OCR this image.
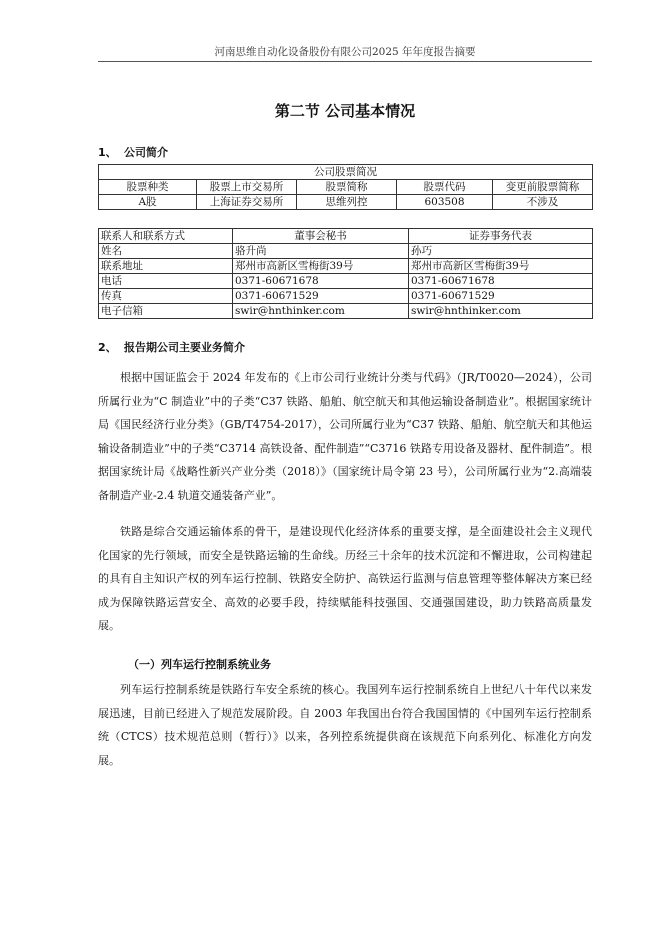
河南思维自动化设备股份有限公司2025 年年度报告摘要
第二节 公司基本情况
1、 公司简介
公司股票简况				
股票种类	股票上市交易所	股票简称	股票代码	变更前股票简称
A股	上海证券交易所	思维列控	603508	不涉及
联系人和联系方式	董事会秘书	证券事务代表
姓名	骆升尚	孙巧
联系地址	郑州市高新区雪梅街39号	郑州市高新区雪梅街39号
电话	0371-60671678	0371-60671678
传真	0371-60671529	0371-60671529
电子信箱	swir@hnthinker.com	swir@hnthinker.com
2、 报告期公司主要业务简介

根据中国证监会于 2024 年发布的《上市公司行业统计分类与代码》（JR/T0020—2024），公司所属行业为“C 制造业”中的子类“C37 铁路、船舶、航空航天和其他运输设备制造业”。根据国家统计局《国民经济行业分类》（GB/T4754-2017），公司所属行业为“C37 铁路、船舶、航空航天和其他运输设备制造业”中的子类“C3714 高铁设备、配件制造”“C3716 铁路专用设备及器材、配件制造”。根据国家统计局《战略性新兴产业分类（2018）》（国家统计局令第 23 号），公司所属行业为“2.高端装备制造产业-2.4 轨道交通装备产业”。

铁路是综合交通运输体系的骨干，是建设现代化经济体系的重要支撑，是全面建设社会主义现代化国家的先行领域，而安全是铁路运输的生命线。历经三十余年的技术沉淀和不懈进取，公司构建起的具有自主知识产权的列车运行控制、铁路安全防护、高铁运行监测与信息管理等整体解决方案已经成为保障铁路运营安全、高效的必要手段，持续赋能科技强国、交通强国建设，助力铁路高质量发展。

（一）列车运行控制系统业务

列车运行控制系统是铁路行车安全系统的核心。我国列车运行控制系统自上世纪八十年代以来发展迅速，目前已经进入了规范发展阶段。自 2003 年我国出台符合我国国情的《中国列车运行控制系统（CTCS）技术规范总则（暂行）》以来，各列控系统提供商在该规范下向系列化、标准化方向发展。
